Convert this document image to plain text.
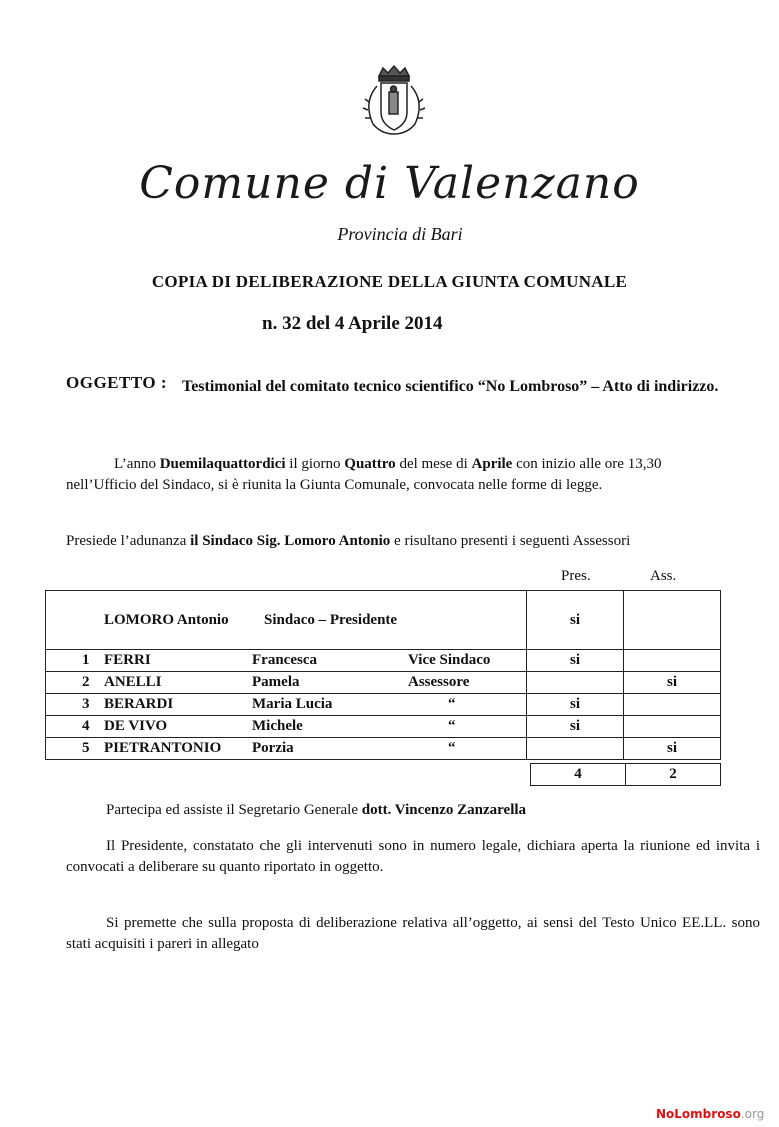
Comune di Valenzano
Provincia di Bari
COPIA DI DELIBERAZIONE DELLA GIUNTA COMUNALE
n. 32 del 4 Aprile 2014
OGGETTO : Testimonial del comitato tecnico scientifico “No Lombroso” – Atto di indirizzo.
L’anno Duemilaquattordici il giorno Quattro del mese di Aprile con inizio alle ore 13,30 nell’Ufficio del Sindaco, si è riunita la Giunta Comunale, convocata nelle forme di legge.
Presiede l’adunanza il Sindaco Sig. Lomoro Antonio e risultano presenti i seguenti Assessori
Pres.	Ass.
LOMORO Antonio Sindaco – Presidente	si	

1 FERRI Francesca Vice Sindaco	si	

2 ANELLI Pamela Assessore		si

3 BERARDI Maria Lucia “	si	

4 DE VIVO Michele “	si	

5 PIETRANTONIO Porzia “		si
4	2
Partecipa ed assiste il Segretario Generale dott. Vincenzo Zanzarella
Il Presidente, constatato che gli intervenuti sono in numero legale, dichiara aperta la riunione ed invita i convocati a deliberare su quanto riportato in oggetto.
Si premette che sulla proposta di deliberazione relativa all’oggetto, ai sensi del Testo Unico EE.LL. sono stati acquisiti i pareri in allegato
NoLombroso.org
